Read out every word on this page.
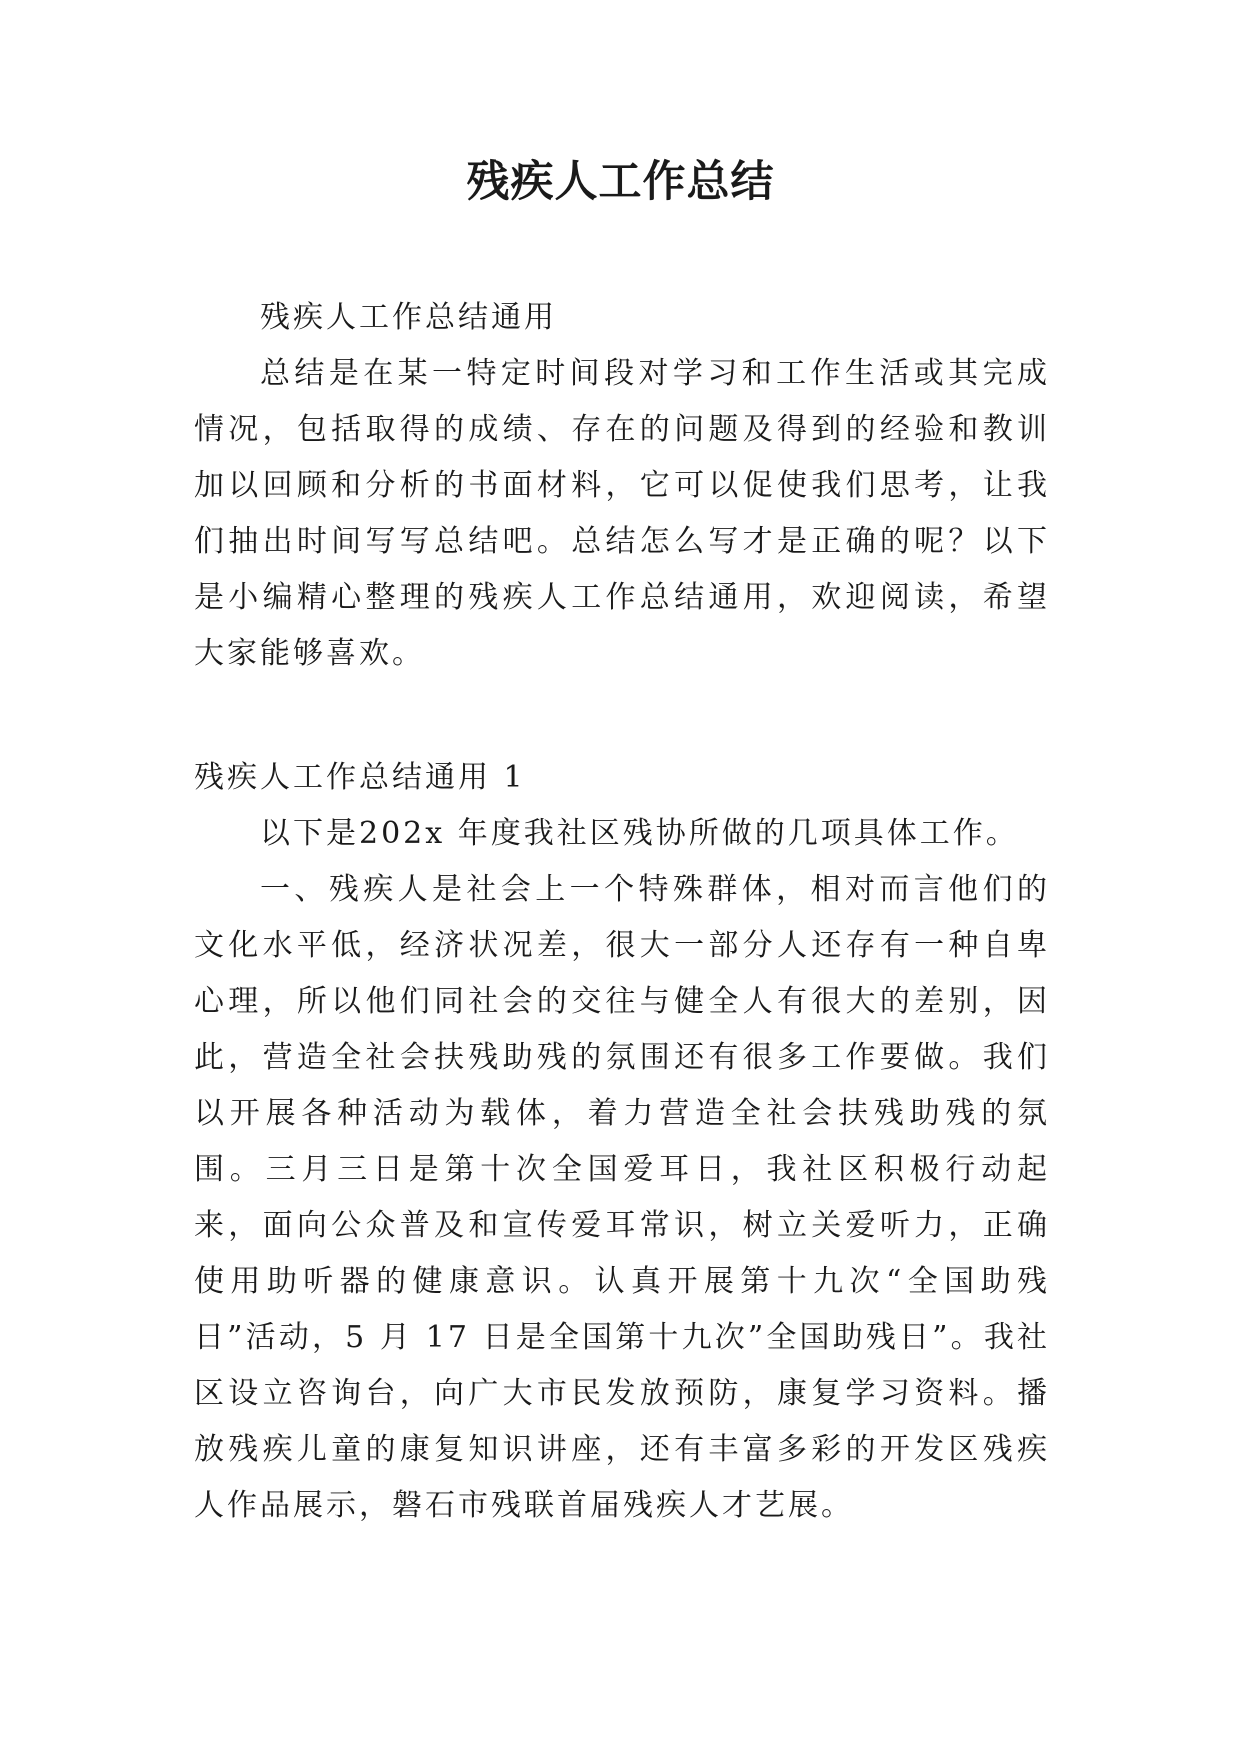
残疾人工作总结

残疾人工作总结通用

总结是在某一特定时间段对学习和工作生活或其完成情况，包括取得的成绩、存在的问题及得到的经验和教训加以回顾和分析的书面材料，它可以促使我们思考，让我们抽出时间写写总结吧。总结怎么写才是正确的呢？以下是小编精心整理的残疾人工作总结通用，欢迎阅读，希望大家能够喜欢。

残疾人工作总结通用 1

以下是202x 年度我社区残协所做的几项具体工作。

一、残疾人是社会上一个特殊群体，相对而言他们的文化水平低，经济状况差，很大一部分人还存有一种自卑心理，所以他们同社会的交往与健全人有很大的差别，因此，营造全社会扶残助残的氛围还有很多工作要做。我们以开展各种活动为载体，着力营造全社会扶残助残的氛围。三月三日是第十次全国爱耳日，我社区积极行动起来，面向公众普及和宣传爱耳常识，树立关爱听力，正确使用助听器的健康意识。认真开展第十九次“全国助残日”活动，5 月 17 日是全国第十九次”全国助残日”。我社区设立咨询台，向广大市民发放预防，康复学习资料。播放残疾儿童的康复知识讲座，还有丰富多彩的开发区残疾人作品展示，磐石市残联首届残疾人才艺展。
